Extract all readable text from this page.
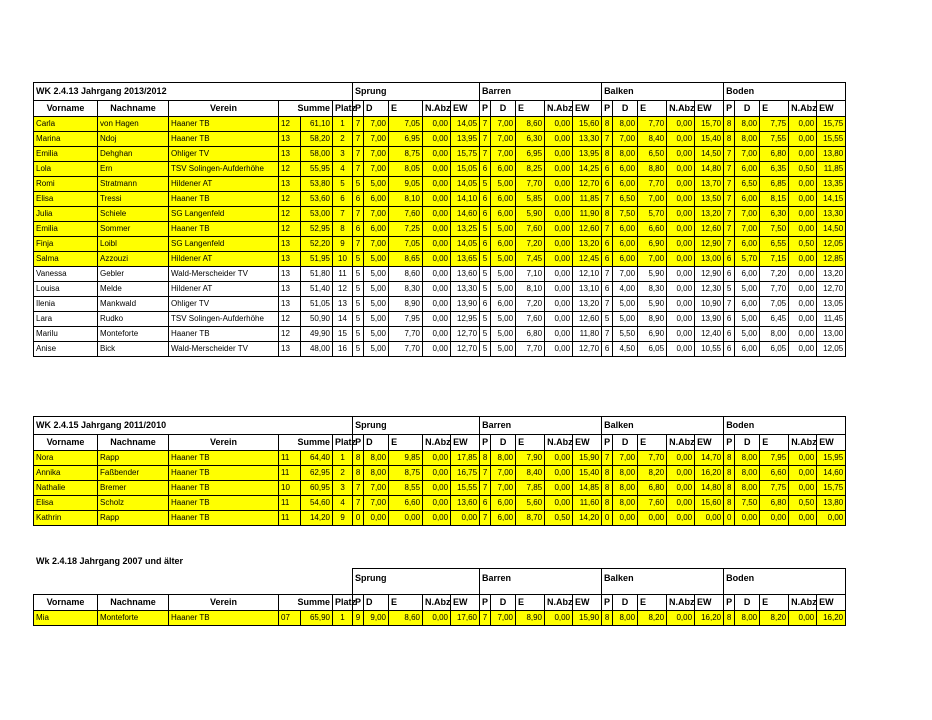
WK 2.4.13 Jahrgang 2013/2012						Sprung					Barren					Balken					Boden				
Vorname	Nachname	Verein	Summe		Platz	P	D	E	N.Abz	EW	P	D	E	N.Abz	EW	P	D	E	N.Abz	EW	P	D	E	N.Abz	EW
Carla	von Hagen	Haaner TB	12	61,10	1	7	7,00	7,05	0,00	14,05	7	7,00	8,60	0,00	15,60	8	8,00	7,70	0,00	15,70	8	8,00	7,75	0,00	15,75
Marina	Ndoj	Haaner TB	13	58,20	2	7	7,00	6,95	0,00	13,95	7	7,00	6,30	0,00	13,30	7	7,00	8,40	0,00	15,40	8	8,00	7,55	0,00	15,55
Emilia	Dehghan	Ohliger TV	13	58,00	3	7	7,00	8,75	0,00	15,75	7	7,00	6,95	0,00	13,95	8	8,00	6,50	0,00	14,50	7	7,00	6,80	0,00	13,80
Lola	Ern	TSV Solingen-Aufderhöhe	12	55,95	4	7	7,00	8,05	0,00	15,05	6	6,00	8,25	0,00	14,25	6	6,00	8,80	0,00	14,80	7	6,00	6,35	0,50	11,85
Romi	Stratmann	Hildener AT	13	53,80	5	5	5,00	9,05	0,00	14,05	5	5,00	7,70	0,00	12,70	6	6,00	7,70	0,00	13,70	7	6,50	6,85	0,00	13,35
Elisa	Tressi	Haaner TB	12	53,60	6	6	6,00	8,10	0,00	14,10	6	6,00	5,85	0,00	11,85	7	6,50	7,00	0,00	13,50	7	6,00	8,15	0,00	14,15
Julia	Schiele	SG Langenfeld	12	53,00	7	7	7,00	7,60	0,00	14,60	6	6,00	5,90	0,00	11,90	8	7,50	5,70	0,00	13,20	7	7,00	6,30	0,00	13,30
Emilia	Sommer	Haaner TB	12	52,95	8	6	6,00	7,25	0,00	13,25	5	5,00	7,60	0,00	12,60	7	6,00	6,60	0,00	12,60	7	7,00	7,50	0,00	14,50
Finja	Loibl	SG Langenfeld	13	52,20	9	7	7,00	7,05	0,00	14,05	6	6,00	7,20	0,00	13,20	6	6,00	6,90	0,00	12,90	7	6,00	6,55	0,50	12,05
Salma	Azzouzi	Hildener AT	13	51,95	10	5	5,00	8,65	0,00	13,65	5	5,00	7,45	0,00	12,45	6	6,00	7,00	0,00	13,00	6	5,70	7,15	0,00	12,85
Vanessa	Gebler	Wald-Merscheider TV	13	51,80	11	5	5,00	8,60	0,00	13,60	5	5,00	7,10	0,00	12,10	7	7,00	5,90	0,00	12,90	6	6,00	7,20	0,00	13,20
Louisa	Melde	Hildener AT	13	51,40	12	5	5,00	8,30	0,00	13,30	5	5,00	8,10	0,00	13,10	6	4,00	8,30	0,00	12,30	5	5,00	7,70	0,00	12,70
Ilenia	Mankwald	Ohliger TV	13	51,05	13	5	5,00	8,90	0,00	13,90	6	6,00	7,20	0,00	13,20	7	5,00	5,90	0,00	10,90	7	6,00	7,05	0,00	13,05
Lara	Rudko	TSV Solingen-Aufderhöhe	12	50,90	14	5	5,00	7,95	0,00	12,95	5	5,00	7,60	0,00	12,60	5	5,00	8,90	0,00	13,90	6	5,00	6,45	0,00	11,45
Marilu	Monteforte	Haaner TB	12	49,90	15	5	5,00	7,70	0,00	12,70	5	5,00	6,80	0,00	11,80	7	5,50	6,90	0,00	12,40	6	5,00	8,00	0,00	13,00
Anise	Bick	Wald-Merscheider TV	13	48,00	16	5	5,00	7,70	0,00	12,70	5	5,00	7,70	0,00	12,70	6	4,50	6,05	0,00	10,55	6	6,00	6,05	0,00	12,05
WK 2.4.15 Jahrgang 2011/2010						Sprung					Barren					Balken					Boden				
Vorname	Nachname	Verein	Summe		Platz	P	D	E	N.Abz	EW	P	D	E	N.Abz	EW	P	D	E	N.Abz	EW	P	D	E	N.Abz	EW
Nora	Rapp	Haaner TB	11	64,40	1	8	8,00	9,85	0,00	17,85	8	8,00	7,90	0,00	15,90	7	7,00	7,70	0,00	14,70	8	8,00	7,95	0,00	15,95
Annika	Faßbender	Haaner TB	11	62,95	2	8	8,00	8,75	0,00	16,75	7	7,00	8,40	0,00	15,40	8	8,00	8,20	0,00	16,20	8	8,00	6,60	0,00	14,60
Nathalie	Bremer	Haaner TB	10	60,95	3	7	7,00	8,55	0,00	15,55	7	7,00	7,85	0,00	14,85	8	8,00	6,80	0,00	14,80	8	8,00	7,75	0,00	15,75
Elisa	Scholz	Haaner TB	11	54,60	4	7	7,00	6,60	0,00	13,60	6	6,00	5,60	0,00	11,60	8	8,00	7,60	0,00	15,60	8	7,50	6,80	0,50	13,80
Kathrin	Rapp	Haaner TB	11	14,20	9	0	0,00	0,00	0,00	0,00	7	6,00	8,70	0,50	14,20	0	0,00	0,00	0,00	0,00	0	0,00	0,00	0,00	0,00
Wk 2.4.18 Jahrgang 2007 und älter
						Sprung					Barren					Balken					Boden				
Vorname	Nachname	Verein	Summe		Platz	P	D	E	N.Abz	EW	P	D	E	N.Abz	EW	P	D	E	N.Abz	EW	P	D	E	N.Abz	EW
Mia	Monteforte	Haaner TB	07	65,90	1	9	9,00	8,60	0,00	17,60	7	7,00	8,90	0,00	15,90	8	8,00	8,20	0,00	16,20	8	8,00	8,20	0,00	16,20
